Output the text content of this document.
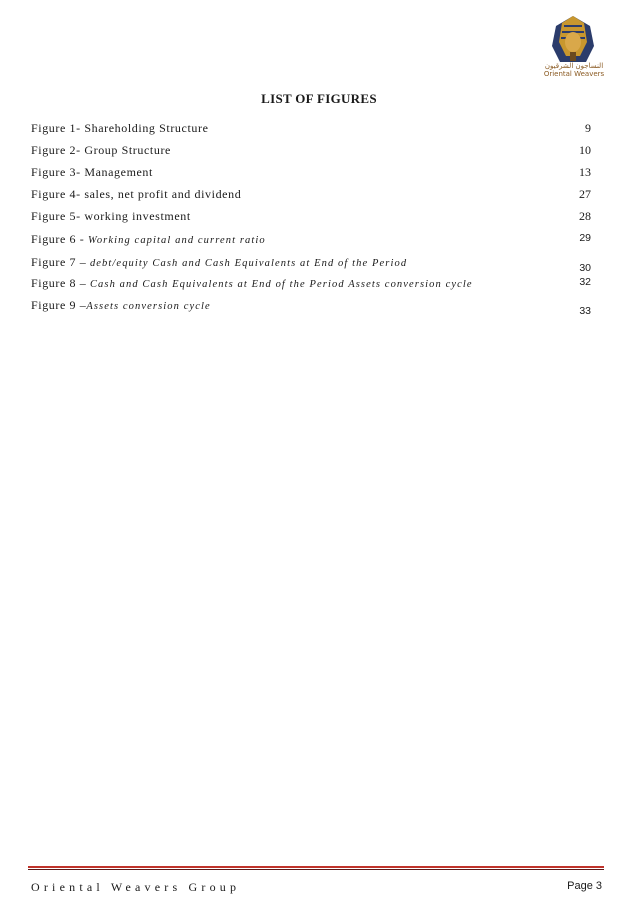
النساجون الشرقيون
Oriental Weavers
LIST OF FIGURES
Figure 1- Shareholding Structure	9
Figure 2- Group Structure	10
Figure 3- Management	13
Figure 4- sales, net profit and dividend	27
Figure 5- working investment	28
Figure 6 - Working capital and current ratio	29
Figure 7 – debt/equity Cash and Cash Equivalents at End of the Period	30
Figure 8 – Cash and Cash Equivalents at End of the Period Assets conversion cycle	32
Figure 9 –Assets conversion cycle	33
Oriental Weavers Group	Page 3
